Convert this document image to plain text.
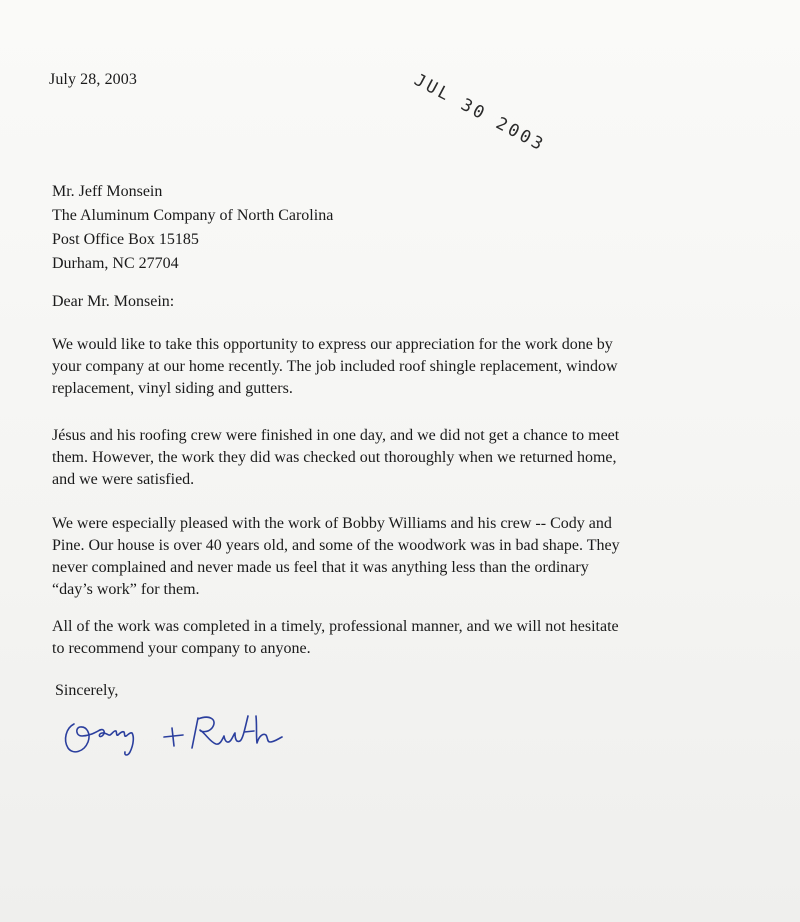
July 28, 2003	JUL 30 2003
Mr. Jeff Monsein
The Aluminum Company of North Carolina
Post Office Box 15185
Durham, NC 27704
Dear Mr. Monsein:
We would like to take this opportunity to express our appreciation for the work done by
your company at our home recently. The job included roof shingle replacement, window
replacement, vinyl siding and gutters.
Jésus and his roofing crew were finished in one day, and we did not get a chance to meet
them. However, the work they did was checked out thoroughly when we returned home,
and we were satisfied.
We were especially pleased with the work of Bobby Williams and his crew -- Cody and
Pine. Our house is over 40 years old, and some of the woodwork was in bad shape. They
never complained and never made us feel that it was anything less than the ordinary
“day’s work” for them.
All of the work was completed in a timely, professional manner, and we will not hesitate
to recommend your company to anyone.
Sincerely,
